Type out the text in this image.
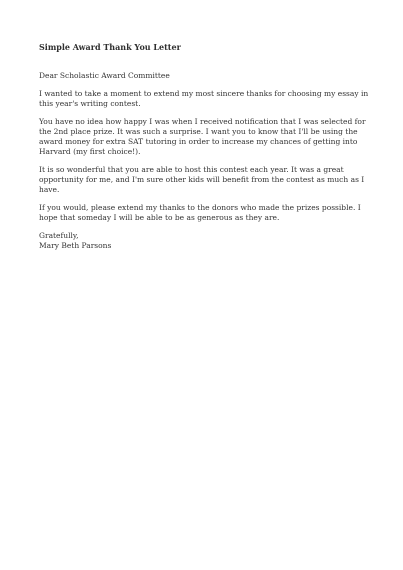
Simple Award Thank You Letter
Dear Scholastic Award Committee
I wanted to take a moment to extend my most sincere thanks for choosing my essay in this year's writing contest.
You have no idea how happy I was when I received notification that I was selected for the 2nd place prize. It was such a surprise. I want you to know that I'll be using the award money for extra SAT tutoring in order to increase my chances of getting into Harvard (my first choice!).
It is so wonderful that you are able to host this contest each year. It was a great opportunity for me, and I'm sure other kids will benefit from the contest as much as I have.
If you would, please extend my thanks to the donors who made the prizes possible. I hope that someday I will be able to be as generous as they are.
Gratefully,
Mary Beth Parsons
